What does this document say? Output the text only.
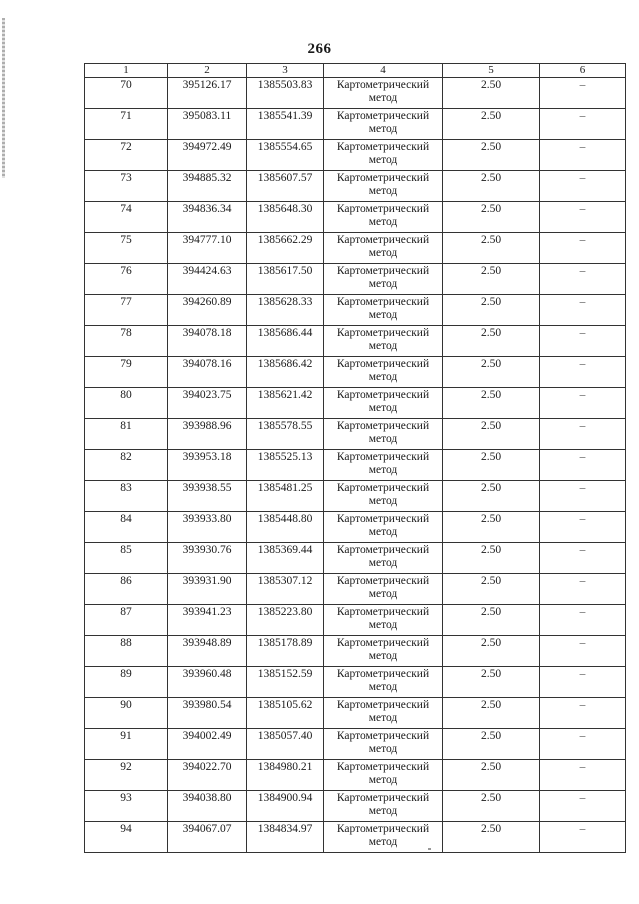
266
1	2	3	4	5	6
70	395126.17	1385503.83	Картометрический метод	2.50	–
71	395083.11	1385541.39	Картометрический метод	2.50	–
72	394972.49	1385554.65	Картометрический метод	2.50	–
73	394885.32	1385607.57	Картометрический метод	2.50	–
74	394836.34	1385648.30	Картометрический метод	2.50	–
75	394777.10	1385662.29	Картометрический метод	2.50	–
76	394424.63	1385617.50	Картометрический метод	2.50	–
77	394260.89	1385628.33	Картометрический метод	2.50	–
78	394078.18	1385686.44	Картометрический метод	2.50	–
79	394078.16	1385686.42	Картометрический метод	2.50	–
80	394023.75	1385621.42	Картометрический метод	2.50	–
81	393988.96	1385578.55	Картометрический метод	2.50	–
82	393953.18	1385525.13	Картометрический метод	2.50	–
83	393938.55	1385481.25	Картометрический метод	2.50	–
84	393933.80	1385448.80	Картометрический метод	2.50	–
85	393930.76	1385369.44	Картометрический метод	2.50	–
86	393931.90	1385307.12	Картометрический метод	2.50	–
87	393941.23	1385223.80	Картометрический метод	2.50	–
88	393948.89	1385178.89	Картометрический метод	2.50	–
89	393960.48	1385152.59	Картометрический метод	2.50	–
90	393980.54	1385105.62	Картометрический метод	2.50	–
91	394002.49	1385057.40	Картометрический метод	2.50	–
92	394022.70	1384980.21	Картометрический метод	2.50	–
93	394038.80	1384900.94	Картометрический метод	2.50	–
94	394067.07	1384834.97	Картометрический метод	2.50	–
